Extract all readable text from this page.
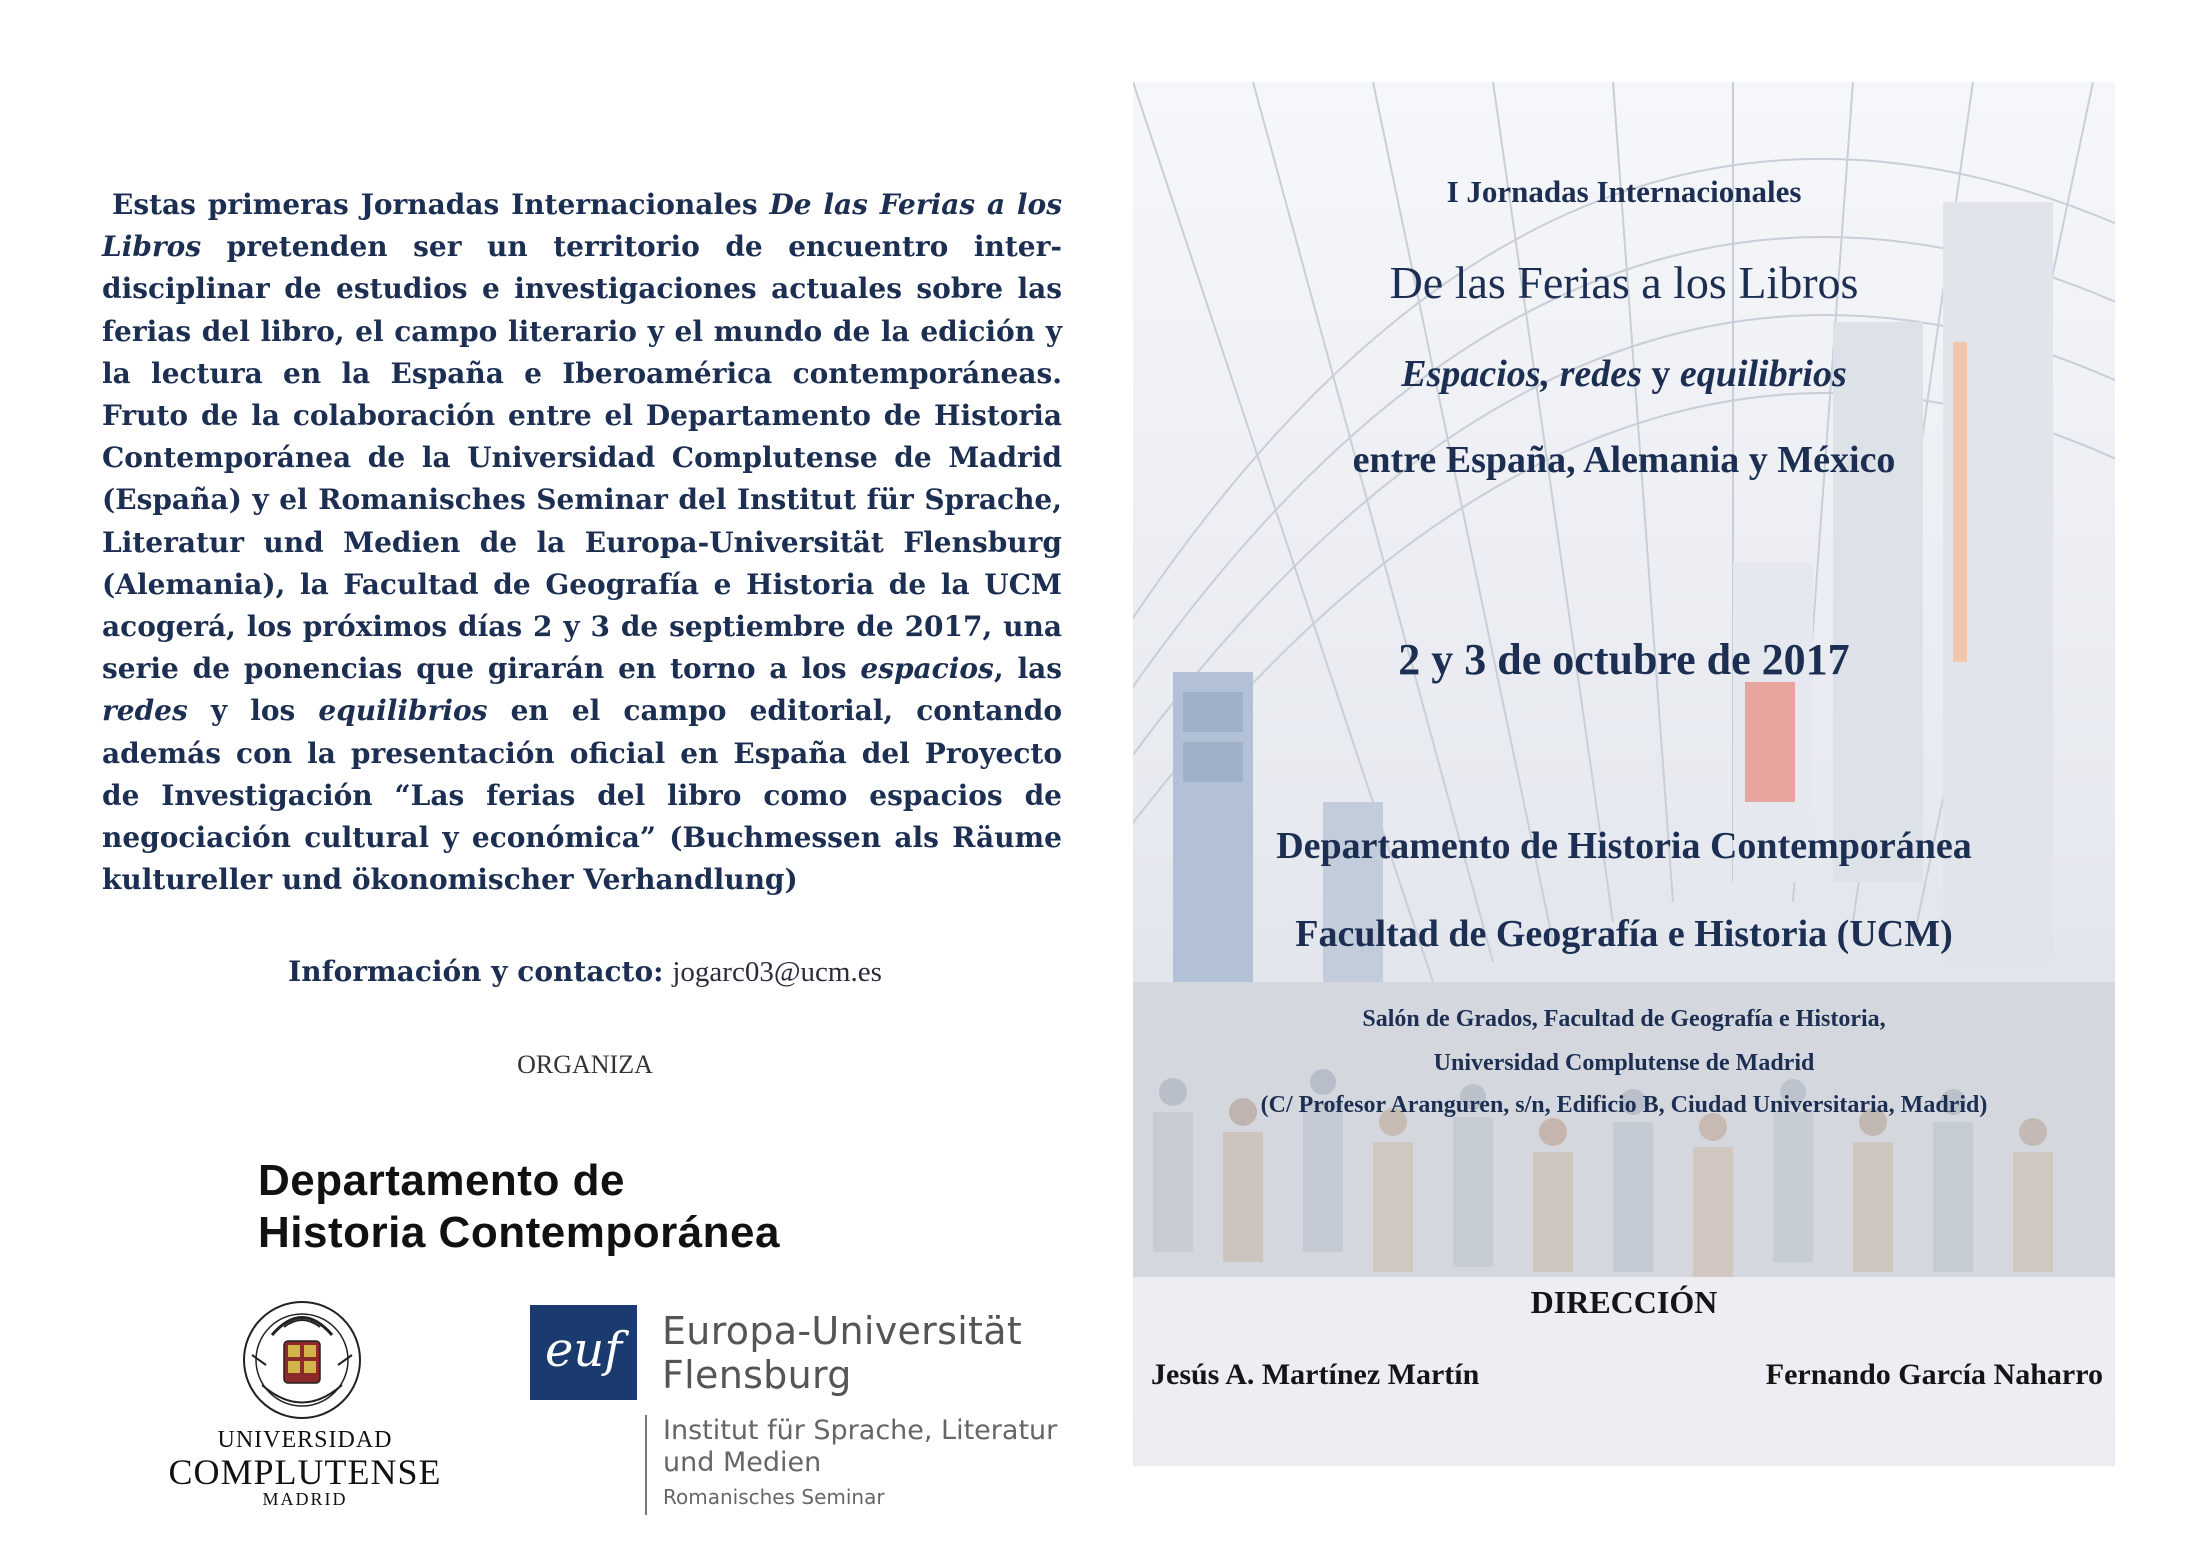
Estas primeras Jornadas Internacionales De las Ferias a los Libros pretenden ser un territorio de encuentro inter-disciplinar de estudios e investigaciones actuales sobre las ferias del libro, el campo literario y el mundo de la edición y la lectura en la España e Iberoamérica contemporáneas. Fruto de la colaboración entre el Departamento de Historia Contemporánea de la Universidad Complutense de Madrid (España) y el Romanisches Seminar del Institut für Sprache, Literatur und Medien de la Europa-Universität Flensburg (Alemania), la Facultad de Geografía e Historia de la UCM acogerá, los próximos días 2 y 3 de septiembre de 2017, una serie de ponencias que girarán en torno a los espacios, las redes y los equilibrios en el campo editorial, contando además con la presentación oficial en España del Proyecto de Investigación “Las ferias del libro como espacios de negociación cultural y económica” (Buchmessen als Räume kultureller und ökonomischer Verhandlung)

Información y contacto: jogarc03@ucm.es
ORGANIZA
Departamento de
Historia Contemporánea
UNIVERSIDAD
COMPLUTENSE
MADRID
euf	Europa-Universität
Flensburg
Institut für Sprache, Literatur
und Medien
Romanisches Seminar
I Jornadas Internacionales
De las Ferias a los Libros
Espacios, redes y equilibrios
entre España, Alemania y México
2 y 3 de octubre de 2017
Departamento de Historia Contemporánea
Facultad de Geografía e Historia (UCM)
Salón de Grados, Facultad de Geografía e Historia,
Universidad Complutense de Madrid
(C/ Profesor Aranguren, s/n, Edificio B, Ciudad Universitaria, Madrid)
DIRECCIÓN
Jesús A. Martínez Martín	Fernando García Naharro
